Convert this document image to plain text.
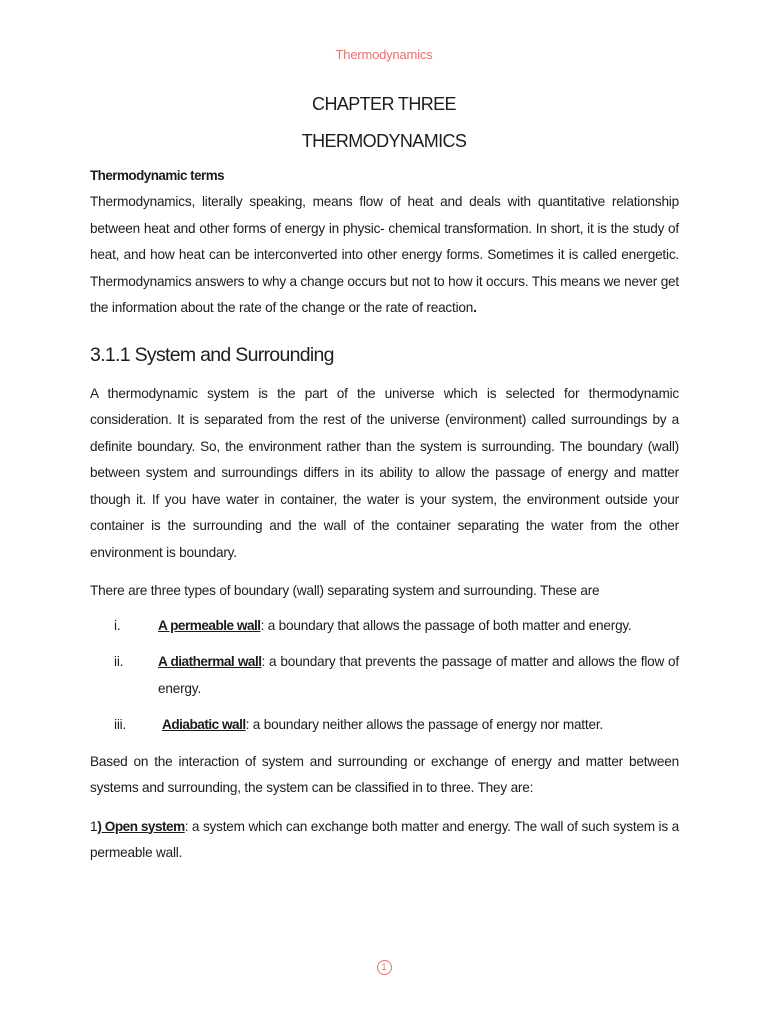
Thermodynamics
CHAPTER THREE
THERMODYNAMICS

Thermodynamic terms

Thermodynamics, literally speaking, means flow of heat and deals with quantitative relationship between heat and other forms of energy in physic- chemical transformation. In short, it is the study of heat, and how heat can be interconverted into other energy forms. Sometimes it is called energetic. Thermodynamics answers to why a change occurs but not to how it occurs. This means we never get the information about the rate of the change or the rate of reaction.

3.1.1 System and Surrounding

A thermodynamic system is the part of the universe which is selected for thermodynamic consideration. It is separated from the rest of the universe (environment) called surroundings by a definite boundary. So, the environment rather than the system is surrounding. The boundary (wall) between system and surroundings differs in its ability to allow the passage of energy and matter though it. If you have water in container, the water is your system, the environment outside your container is the surrounding and the wall of the container separating the water from the other environment is boundary.

There are three types of boundary (wall) separating system and surrounding. These are

i.	A permeable wall: a boundary that allows the passage of both matter and energy.
ii.	A diathermal wall: a boundary that prevents the passage of matter and allows the flow of energy.
iii.	Adiabatic wall: a boundary neither allows the passage of energy nor matter.

Based on the interaction of system and surrounding or exchange of energy and matter between systems and surrounding, the system can be classified in to three. They are:

1) Open system: a system which can exchange both matter and energy. The wall of such system is a permeable wall.

1
